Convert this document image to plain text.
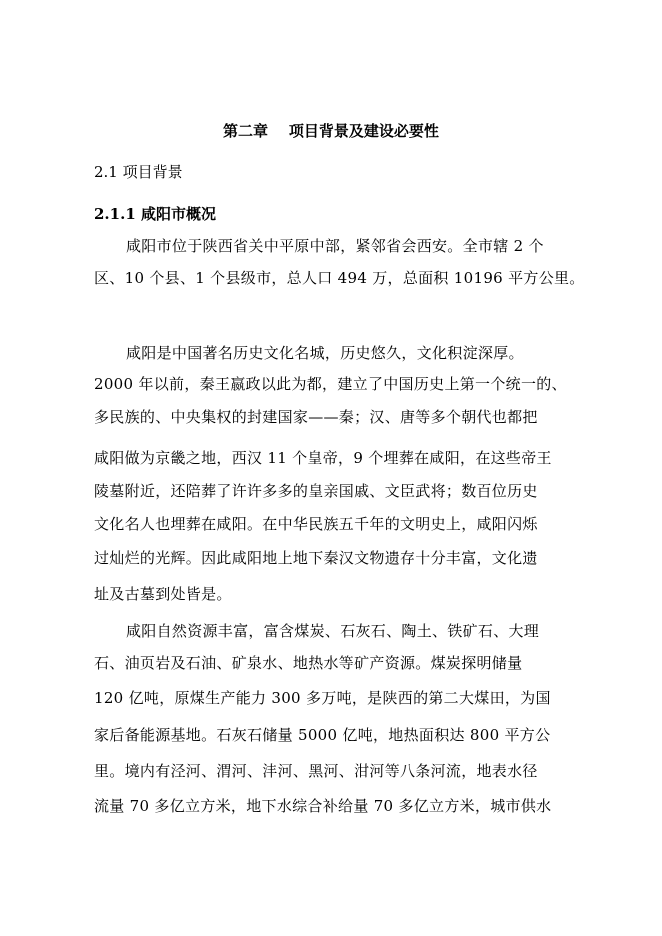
第二章    项目背景及建设必要性
2.1 项目背景
2.1.1 咸阳市概况
咸阳市位于陕西省关中平原中部，紧邻省会西安。全市辖 2 个
区、10 个县、1 个县级市，总人口 494 万，总面积 10196 平方公里。
咸阳是中国著名历史文化名城，历史悠久，文化积淀深厚。
2000 年以前，秦王嬴政以此为都，建立了中国历史上第一个统一的、
多民族的、中央集权的封建国家——秦；汉、唐等多个朝代也都把
咸阳做为京畿之地，西汉 11 个皇帝，9 个埋葬在咸阳，在这些帝王
陵墓附近，还陪葬了许许多多的皇亲国戚、文臣武将；数百位历史
文化名人也埋葬在咸阳。在中华民族五千年的文明史上，咸阳闪烁
过灿烂的光辉。因此咸阳地上地下秦汉文物遗存十分丰富，文化遗
址及古墓到处皆是。
咸阳自然资源丰富，富含煤炭、石灰石、陶土、铁矿石、大理
石、油页岩及石油、矿泉水、地热水等矿产资源。煤炭探明储量
120 亿吨，原煤生产能力 300 多万吨，是陕西的第二大煤田，为国
家后备能源基地。石灰石储量 5000 亿吨，地热面积达 800 平方公
里。境内有泾河、渭河、沣河、黑河、泔河等八条河流，地表水径
流量 70 多亿立方米，地下水综合补给量 70 多亿立方米，城市供水
